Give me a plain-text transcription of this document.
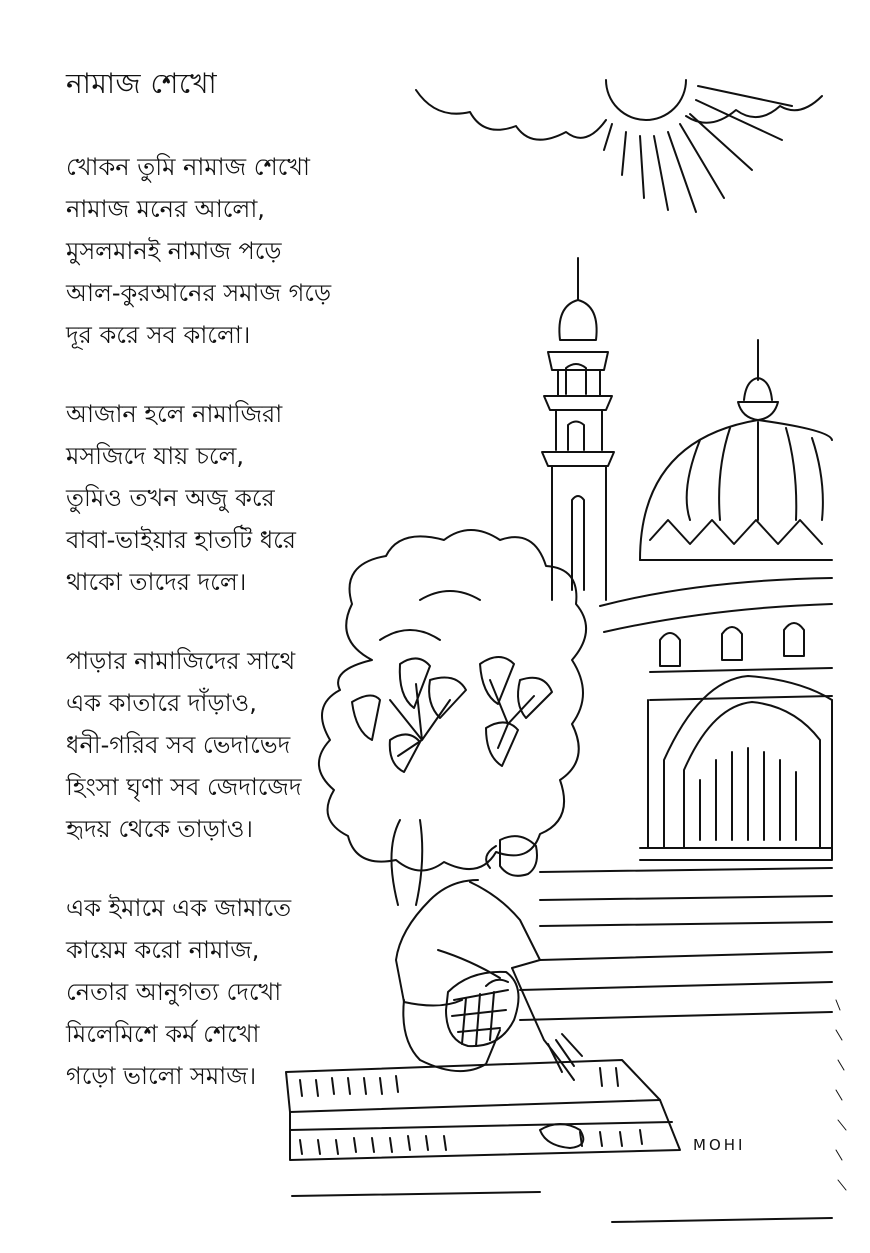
নামাজ শেখো
খোকন তুমি নামাজ শেখো
নামাজ মনের আলো,
মুসলমানই নামাজ পড়ে
আল-কুরআনের সমাজ গড়ে
দূর করে সব কালো।
আজান হলে নামাজিরা
মসজিদে যায় চলে,
তুমিও তখন অজু করে
বাবা-ভাইয়ার হাতটি ধরে
থাকো তাদের দলে।
পাড়ার নামাজিদের সাথে
এক কাতারে দাঁড়াও,
ধনী-গরিব সব ভেদাভেদ
হিংসা ঘৃণা সব জেদাজেদ
হৃদয় থেকে তাড়াও।
এক ইমামে এক জামাতে
কায়েম করো নামাজ,
নেতার আনুগত্য দেখো
মিলেমিশে কর্ম শেখো
গড়ো ভালো সমাজ।
MOHI
